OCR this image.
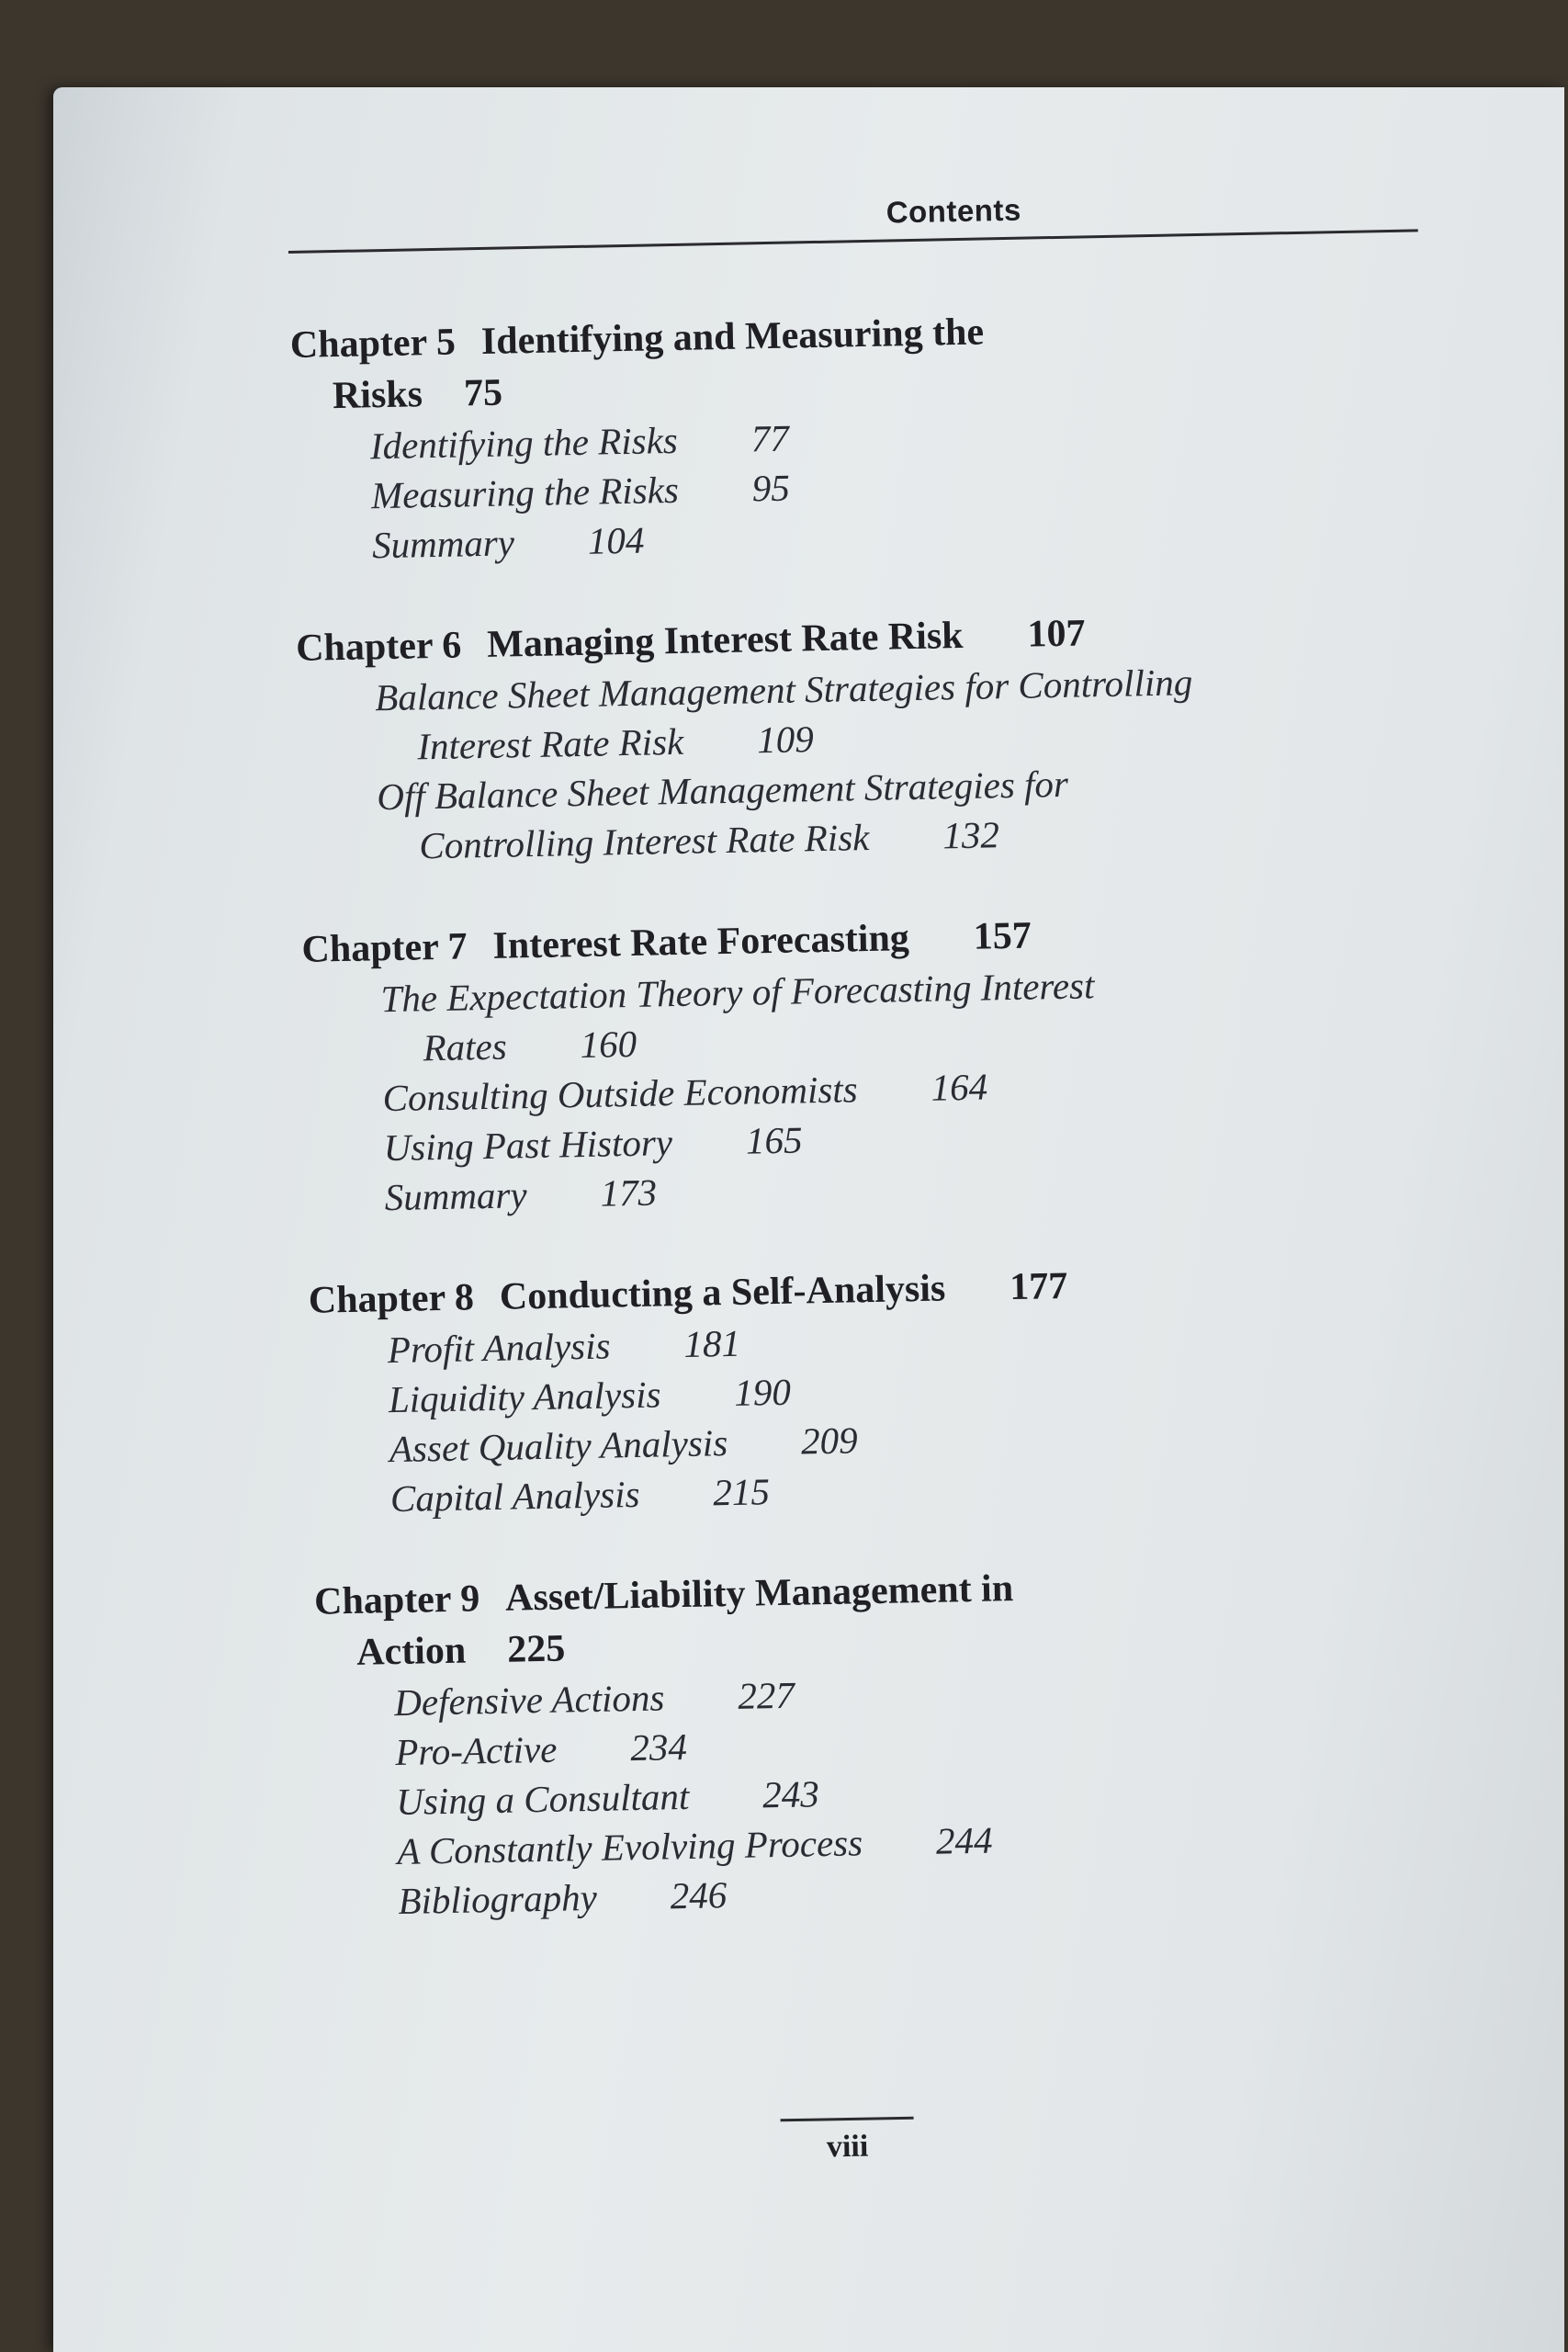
Contents
Chapter 5 Identifying and Measuring the
Risks 75
Identifying the Risks 77
Measuring the Risks 95
Summary 104
Chapter 6 Managing Interest Rate Risk 107
Balance Sheet Management Strategies for Controlling
Interest Rate Risk 109
Off Balance Sheet Management Strategies for
Controlling Interest Rate Risk 132
Chapter 7 Interest Rate Forecasting 157
The Expectation Theory of Forecasting Interest
Rates 160
Consulting Outside Economists 164
Using Past History 165
Summary 173
Chapter 8 Conducting a Self-Analysis 177
Profit Analysis 181
Liquidity Analysis 190
Asset Quality Analysis 209
Capital Analysis 215
Chapter 9 Asset/Liability Management in
Action 225
Defensive Actions 227
Pro-Active 234
Using a Consultant 243
A Constantly Evolving Process 244
Bibliography 246
viii
